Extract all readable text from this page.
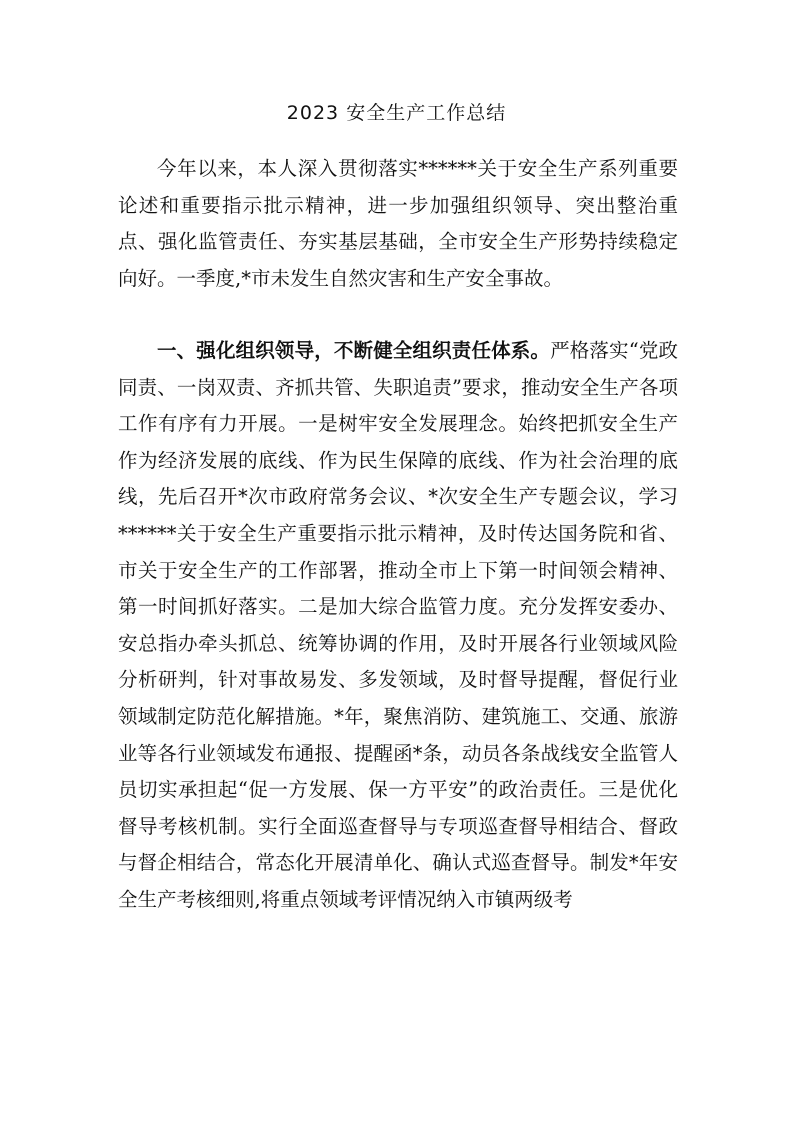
2023 安全生产工作总结

今年以来，本人深入贯彻落实******关于安全生产系列重要论述和重要指示批示精神，进一步加强组织领导、突出整治重点、强化监管责任、夯实基层基础，全市安全生产形势持续稳定向好。一季度,*市未发生自然灾害和生产安全事故。

一、强化组织领导，不断健全组织责任体系。严格落实“党政同责、一岗双责、齐抓共管、失职追责”要求，推动安全生产各项工作有序有力开展。一是树牢安全发展理念。始终把抓安全生产作为经济发展的底线、作为民生保障的底线、作为社会治理的底线，先后召开*次市政府常务会议、*次安全生产专题会议，学习******关于安全生产重要指示批示精神，及时传达国务院和省、市关于安全生产的工作部署，推动全市上下第一时间领会精神、第一时间抓好落实。二是加大综合监管力度。充分发挥安委办、安总指办牵头抓总、统筹协调的作用，及时开展各行业领域风险分析研判，针对事故易发、多发领域，及时督导提醒，督促行业领域制定防范化解措施。*年，聚焦消防、建筑施工、交通、旅游业等各行业领域发布通报、提醒函*条，动员各条战线安全监管人员切实承担起“促一方发展、保一方平安”的政治责任。三是优化督导考核机制。实行全面巡查督导与专项巡查督导相结合、督政与督企相结合，常态化开展清单化、确认式巡查督导。制发*年安全生产考核细则,将重点领域考评情况纳入市镇两级考
